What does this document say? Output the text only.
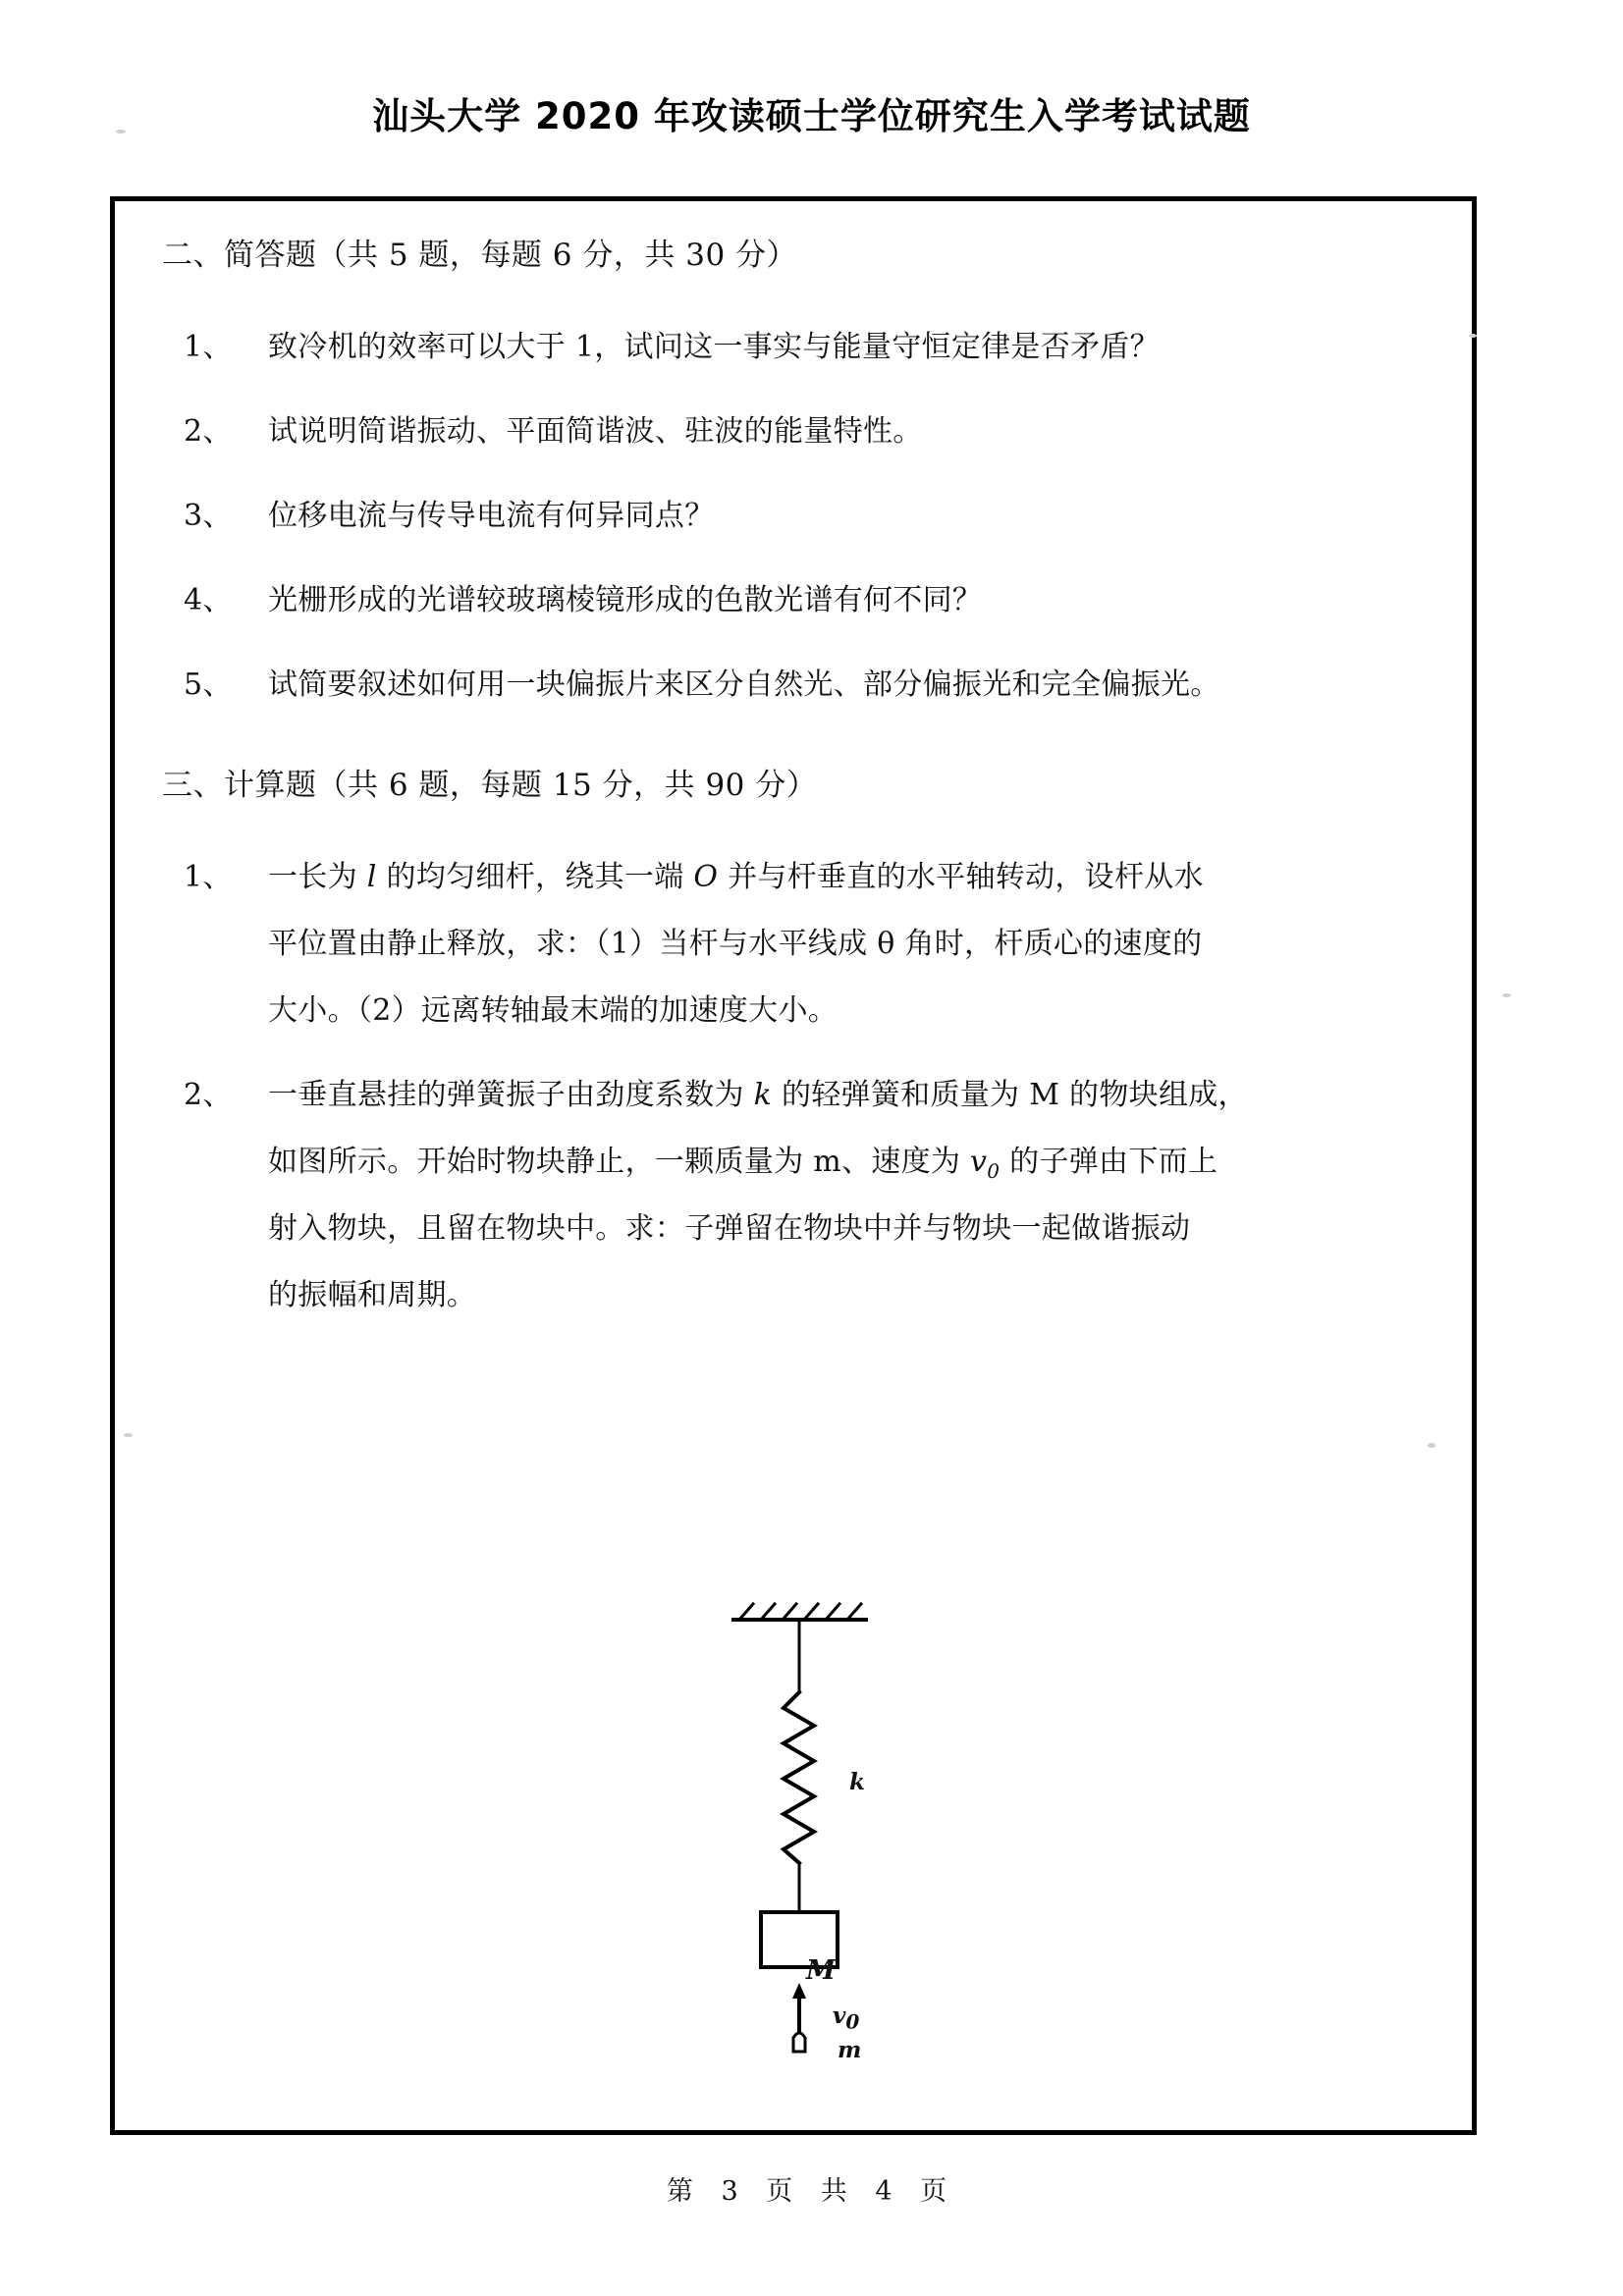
汕头大学 2020 年攻读硕士学位研究生入学考试试题
二、简答题（共 5 题，每题 6 分，共 30 分）
1、 致冷机的效率可以大于 1，试问这一事实与能量守恒定律是否矛盾？
2、 试说明简谐振动、平面简谐波、驻波的能量特性。
3、 位移电流与传导电流有何异同点？
4、 光栅形成的光谱较玻璃棱镜形成的色散光谱有何不同？
5、 试简要叙述如何用一块偏振片来区分自然光、部分偏振光和完全偏振光。
三、计算题（共 6 题，每题 15 分，共 90 分）
1、 一长为 l 的均匀细杆，绕其一端 O 并与杆垂直的水平轴转动，设杆从水
平位置由静止释放，求：（1）当杆与水平线成 θ 角时，杆质心的速度的
大小。（2）远离转轴最末端的加速度大小。
2、 一垂直悬挂的弹簧振子由劲度系数为 k 的轻弹簧和质量为 M 的物块组成，
如图所示。开始时物块静止，一颗质量为 m、速度为 $v_0$ 的子弹由下而上
射入物块，且留在物块中。求：子弹留在物块中并与物块一起做谐振动
的振幅和周期。
k
M
v0
m
第 3 页 共 4 页
